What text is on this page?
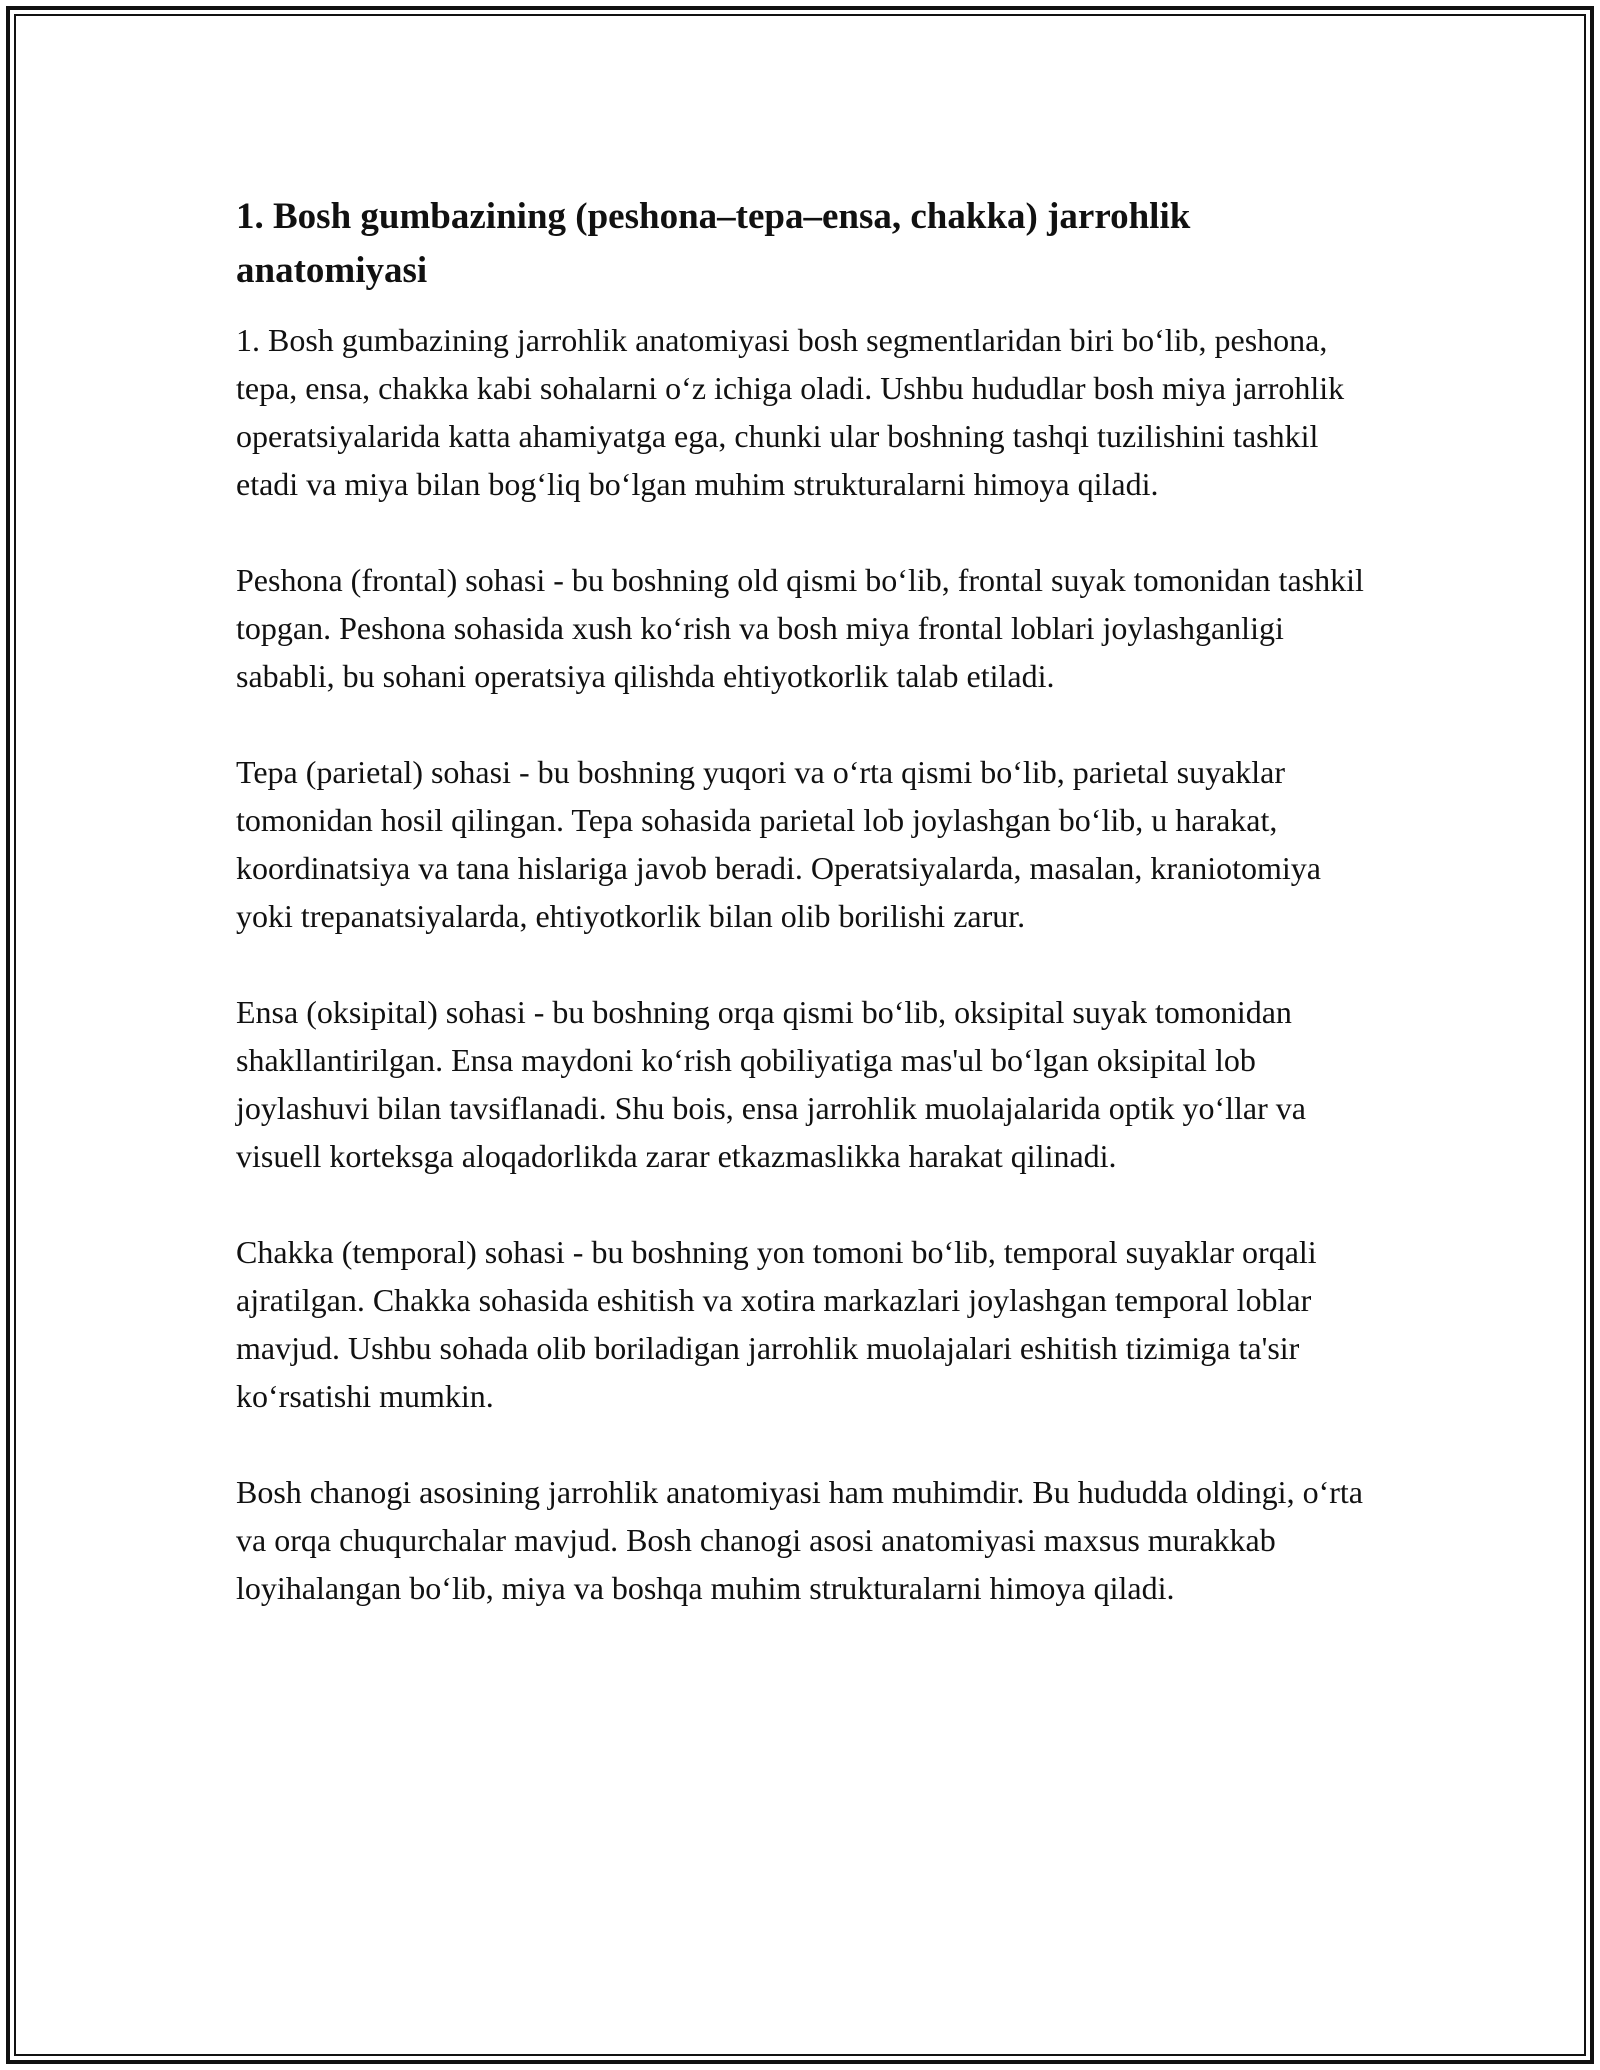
1. Bosh gumbazining (peshona–tepa–ensa, chakka) jarrohlik anatomiyasi

1. Bosh gumbazining jarrohlik anatomiyasi bosh segmentlaridan biri bo‘lib, peshona, tepa, ensa, chakka kabi sohalarni o‘z ichiga oladi. Ushbu hududlar bosh miya jarrohlik operatsiyalarida katta ahamiyatga ega, chunki ular boshning tashqi tuzilishini tashkil etadi va miya bilan bog‘liq bo‘lgan muhim strukturalarni himoya qiladi.

Peshona (frontal) sohasi - bu boshning old qismi bo‘lib, frontal suyak tomonidan tashkil topgan. Peshona sohasida xush ko‘rish va bosh miya frontal loblari joylashganligi sababli, bu sohani operatsiya qilishda ehtiyotkorlik talab etiladi.

Tepa (parietal) sohasi - bu boshning yuqori va o‘rta qismi bo‘lib, parietal suyaklar tomonidan hosil qilingan. Tepa sohasida parietal lob joylashgan bo‘lib, u harakat, koordinatsiya va tana hislariga javob beradi. Operatsiyalarda, masalan, kraniotomiya yoki trepanatsiyalarda, ehtiyotkorlik bilan olib borilishi zarur.

Ensa (oksipital) sohasi - bu boshning orqa qismi bo‘lib, oksipital suyak tomonidan shakllantirilgan. Ensa maydoni ko‘rish qobiliyatiga mas'ul bo‘lgan oksipital lob joylashuvi bilan tavsiflanadi. Shu bois, ensa jarrohlik muolajalarida optik yo‘llar va visuell korteksga aloqadorlikda zarar etkazmaslikka harakat qilinadi.

Chakka (temporal) sohasi - bu boshning yon tomoni bo‘lib, temporal suyaklar orqali ajratilgan. Chakka sohasida eshitish va xotira markazlari joylashgan temporal loblar mavjud. Ushbu sohada olib boriladigan jarrohlik muolajalari eshitish tizimiga ta'sir ko‘rsatishi mumkin.

Bosh chanogi asosining jarrohlik anatomiyasi ham muhimdir. Bu hududda oldingi, o‘rta va orqa chuqurchalar mavjud. Bosh chanogi asosi anatomiyasi maxsus murakkab loyihalangan bo‘lib, miya va boshqa muhim strukturalarni himoya qiladi.
